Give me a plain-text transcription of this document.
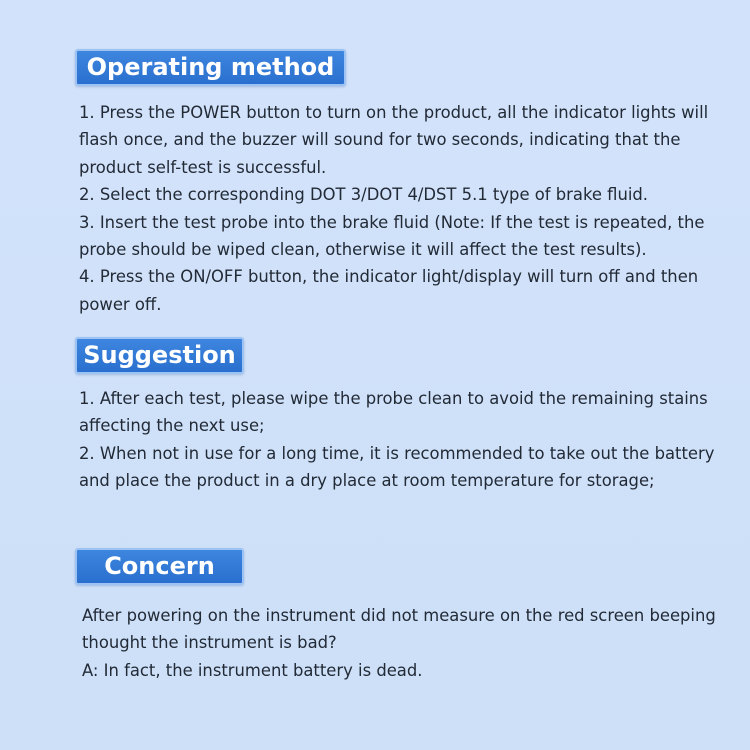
Operating method

1. Press the POWER button to turn on the product, all the indicator lights will flash once, and the buzzer will sound for two seconds, indicating that the product self-test is successful.

2. Select the corresponding DOT 3/DOT 4/DST 5.1 type of brake fluid.

3. Insert the test probe into the brake fluid (Note: If the test is repeated, the probe should be wiped clean, otherwise it will affect the test results).

4. Press the ON/OFF button, the indicator light/display will turn off and then power off.

Suggestion

1. After each test, please wipe the probe clean to avoid the remaining stains affecting the next use;

2. When not in use for a long time, it is recommended to take out the battery and place the product in a dry place at room temperature for storage;

Concern

After powering on the instrument did not measure on the red screen beeping thought the instrument is bad?

A: In fact, the instrument battery is dead.
